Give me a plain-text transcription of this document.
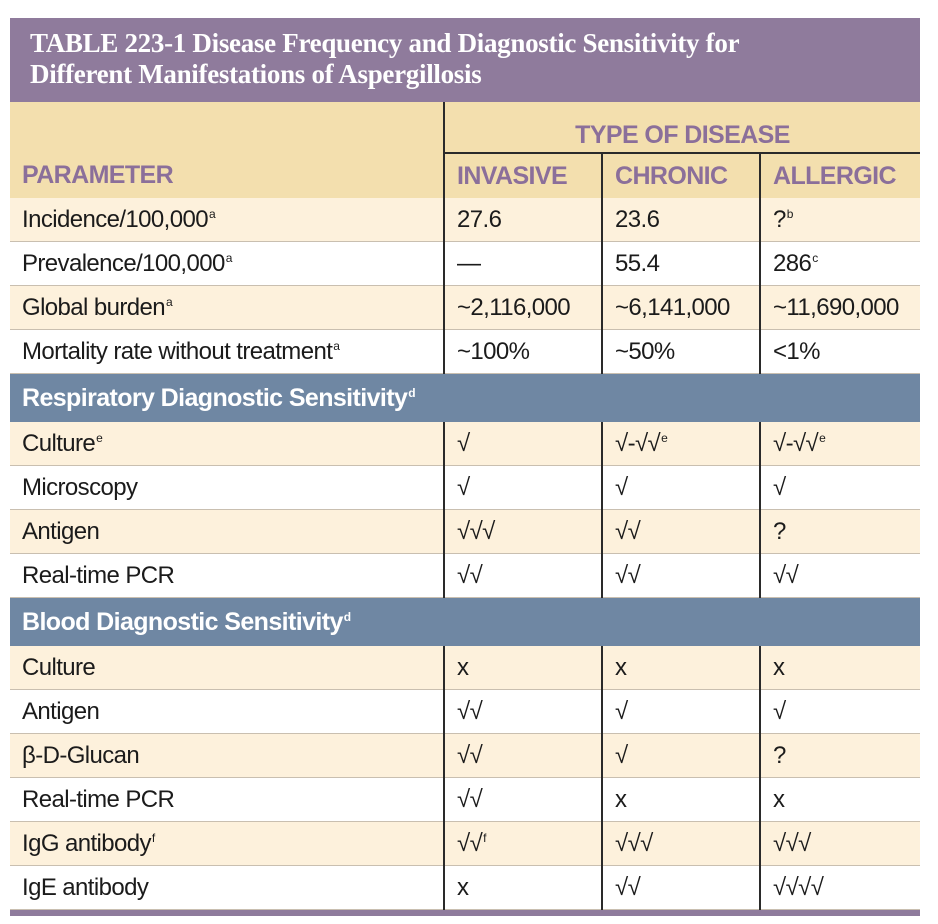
TABLE 223-1 Disease Frequency and Diagnostic Sensitivity for
Different Manifestations of Aspergillosis
	TYPE OF DISEASE		
PARAMETER	INVASIVE	CHRONIC	ALLERGIC
Incidence/100,000$^a$	27.6	23.6	?$^b$
Prevalence/100,000$^a$	—	55.4	286$^c$
Global burden$^a$	~2,116,000	~6,141,000	~11,690,000
Mortality rate without treatment$^a$	~100%	~50%	<1%
Respiratory Diagnostic Sensitivity$^d$
Culture$^e$	√	√-√√$^e$	√-√√$^e$
Microscopy	√	√	√
Antigen	√√√	√√	?
Real-time PCR	√√	√√	√√
Blood Diagnostic Sensitivity$^d$
Culture	x	x	x
Antigen	√√	√	√
β-D-Glucan	√√	√	?
Real-time PCR	√√	x	x
IgG antibody$^f$	√√$^f$	√√√	√√√
IgE antibody	x	√√	√√√√
